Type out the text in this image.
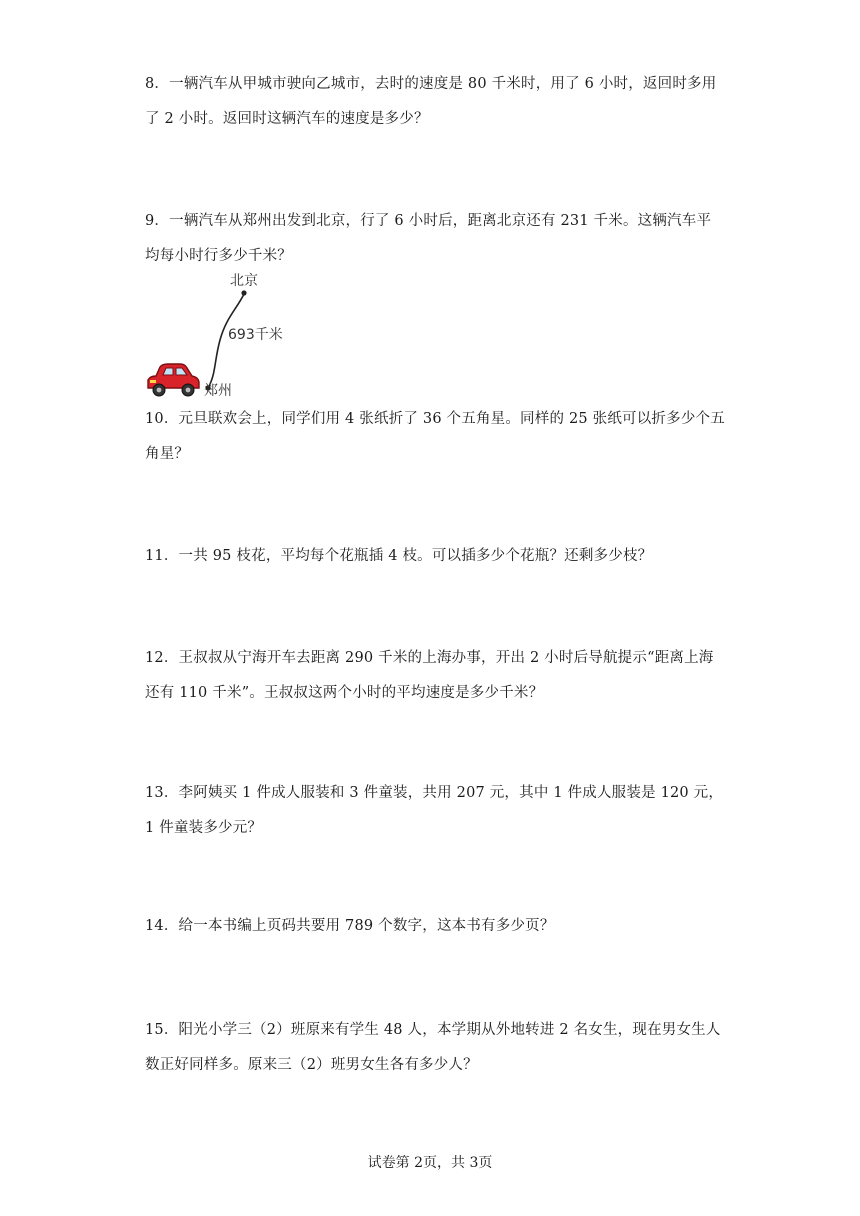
8．一辆汽车从甲城市驶向乙城市，去时的速度是 80 千米时，用了 6 小时，返回时多用了 2 小时。返回时这辆汽车的速度是多少？

9．一辆汽车从郑州出发到北京，行了 6 小时后，距离北京还有 231 千米。这辆汽车平均每小时行多少千米？

北京
693千米
郑州

10．元旦联欢会上，同学们用 4 张纸折了 36 个五角星。同样的 25 张纸可以折多少个五角星？

11．一共 95 枝花，平均每个花瓶插 4 枝。可以插多少个花瓶？还剩多少枝？

12．王叔叔从宁海开车去距离 290 千米的上海办事，开出 2 小时后导航提示“距离上海还有 110 千米”。王叔叔这两个小时的平均速度是多少千米？

13．李阿姨买 1 件成人服装和 3 件童装，共用 207 元，其中 1 件成人服装是 120 元，1 件童装多少元？

14．给一本书编上页码共要用 789 个数字，这本书有多少页？

15．阳光小学三（2）班原来有学生 48 人，本学期从外地转进 2 名女生，现在男女生人数正好同样多。原来三（2）班男女生各有多少人？

试卷第 2页，共 3页
